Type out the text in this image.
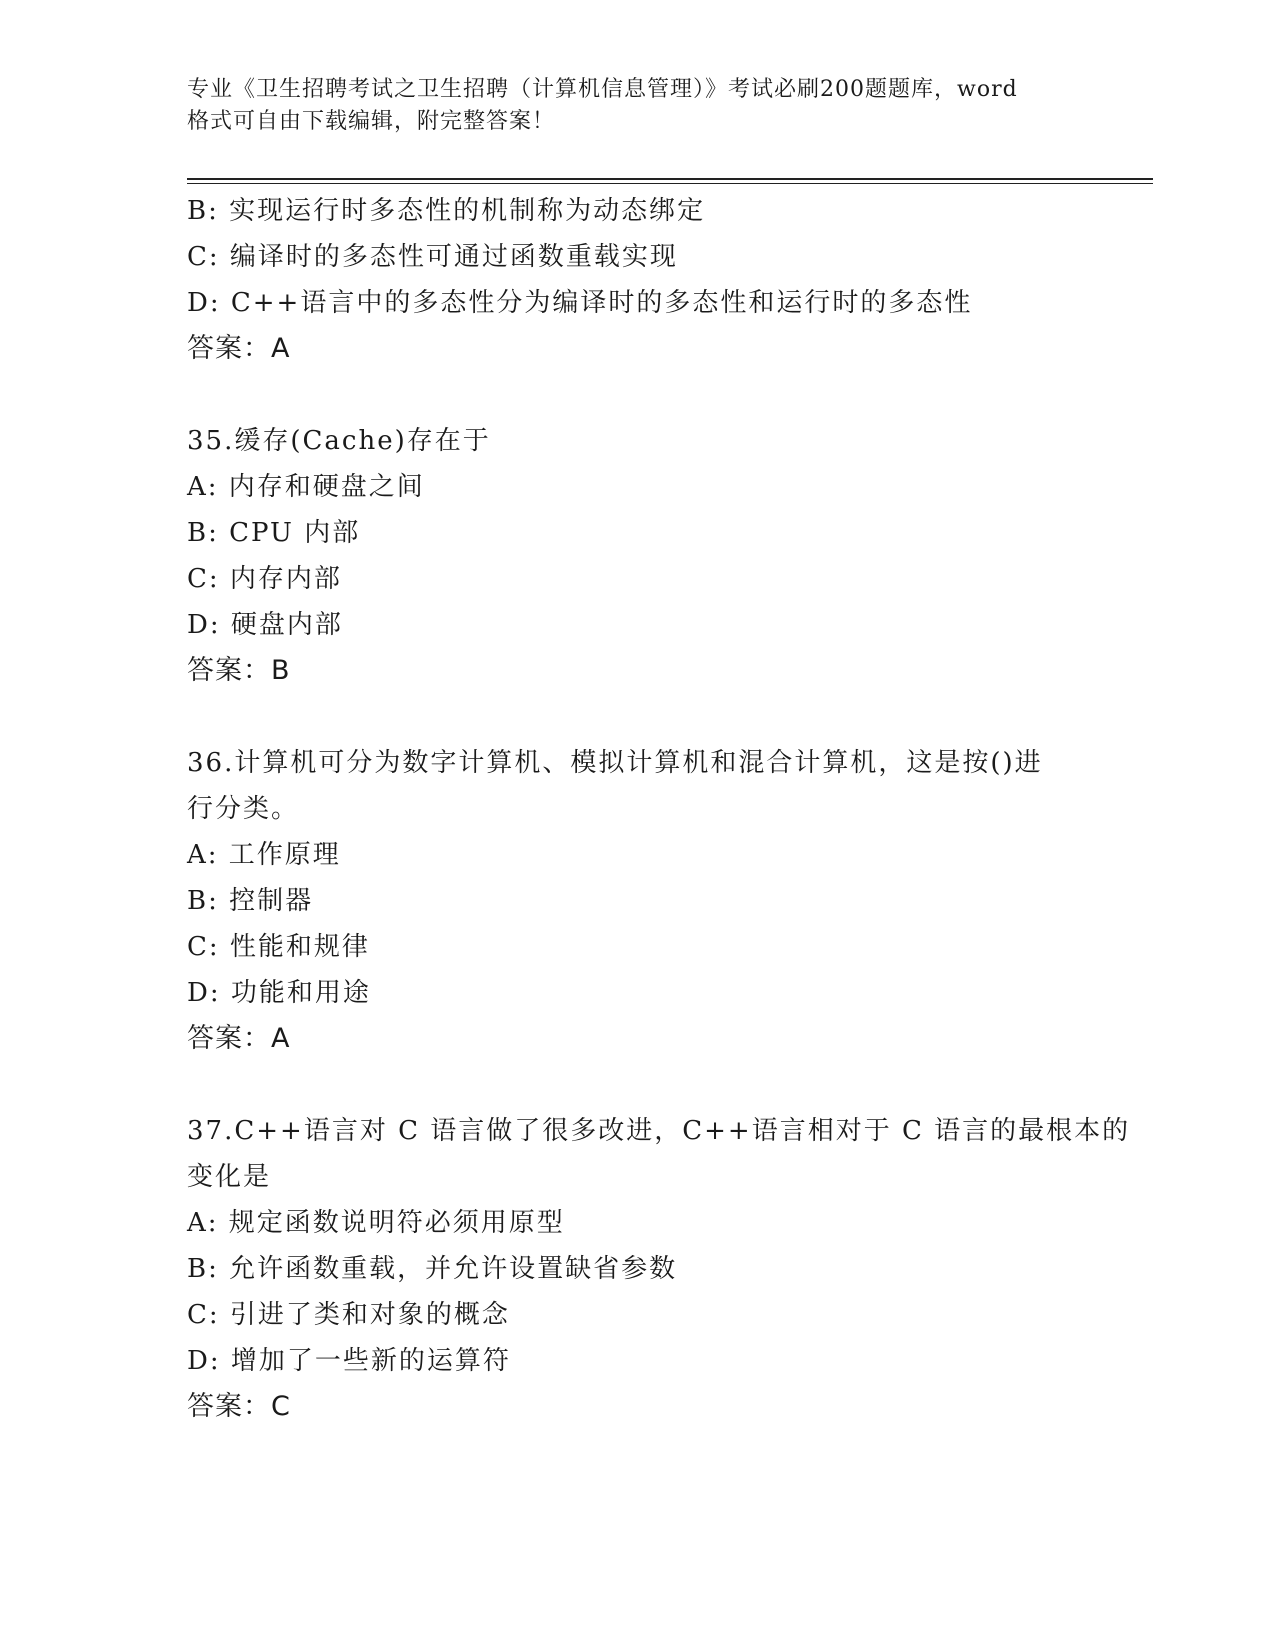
专业《卫生招聘考试之卫生招聘（计算机信息管理）》考试必刷200题题库，word
格式可自由下载编辑，附完整答案！
B: 实现运行时多态性的机制称为动态绑定
C: 编译时的多态性可通过函数重载实现
D: C++语言中的多态性分为编译时的多态性和运行时的多态性
答案：A
35.缓存(Cache)存在于
A: 内存和硬盘之间
B: CPU 内部
C: 内存内部
D: 硬盘内部
答案：B
36.计算机可分为数字计算机、模拟计算机和混合计算机，这是按()进
行分类。
A: 工作原理
B: 控制器
C: 性能和规律
D: 功能和用途
答案：A
37.C++语言对 C 语言做了很多改进，C++语言相对于 C 语言的最根本的
变化是
A: 规定函数说明符必须用原型
B: 允许函数重载，并允许设置缺省参数
C: 引进了类和对象的概念
D: 增加了一些新的运算符
答案：C
